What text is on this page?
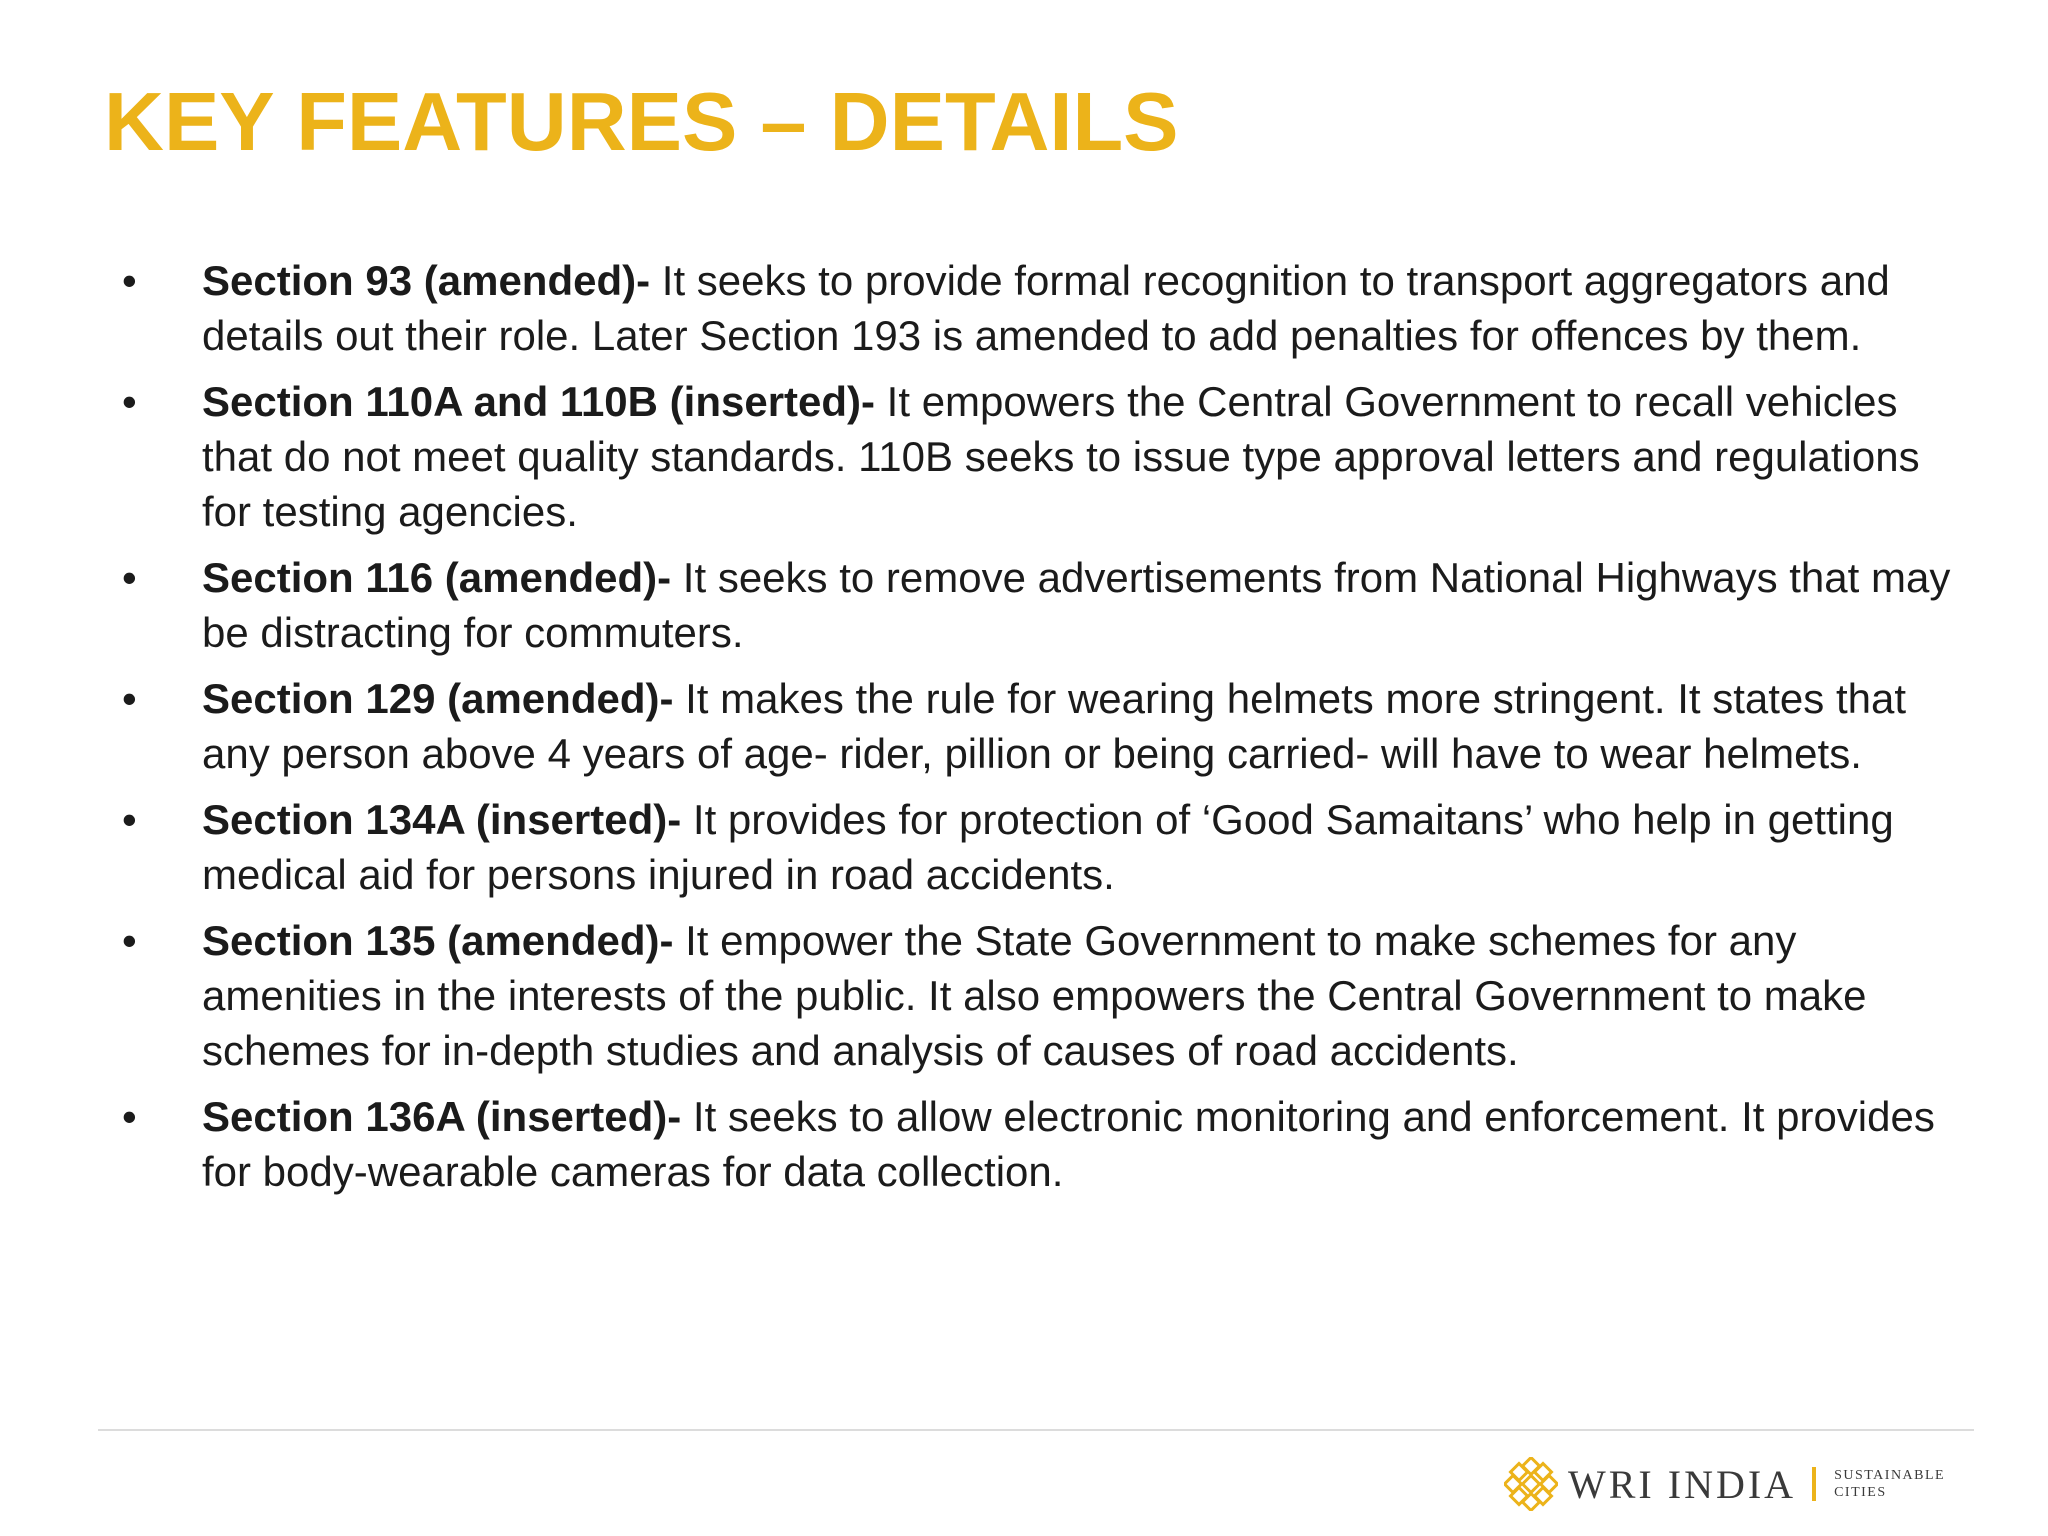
KEY FEATURES – DETAILS
•	Section 93 (amended)- It seeks to provide formal recognition to transport aggregators and details out their role. Later Section 193 is amended to add penalties for offences by them.
•	Section 110A and 110B (inserted)- It empowers the Central Government to recall vehicles that do not meet quality standards. 110B seeks to issue type approval letters and regulations for testing agencies.
•	Section 116 (amended)- It seeks to remove advertisements from National Highways that may be distracting for commuters.
•	Section 129 (amended)- It makes the rule for wearing helmets more stringent. It states that any person above 4 years of age- rider, pillion or being carried- will have to wear helmets.
•	Section 134A (inserted)- It provides for protection of ‘Good Samaitans’ who help in getting medical aid for persons injured in road accidents.
•	Section 135 (amended)- It empower the State Government to make schemes for any amenities in the interests of the public. It also empowers the Central Government to make schemes for in-depth studies and analysis of causes of road accidents.
•	Section 136A (inserted)- It seeks to allow electronic monitoring and enforcement. It provides for body-wearable cameras for data collection.
WRI INDIA	SUSTAINABLE
CITIES
